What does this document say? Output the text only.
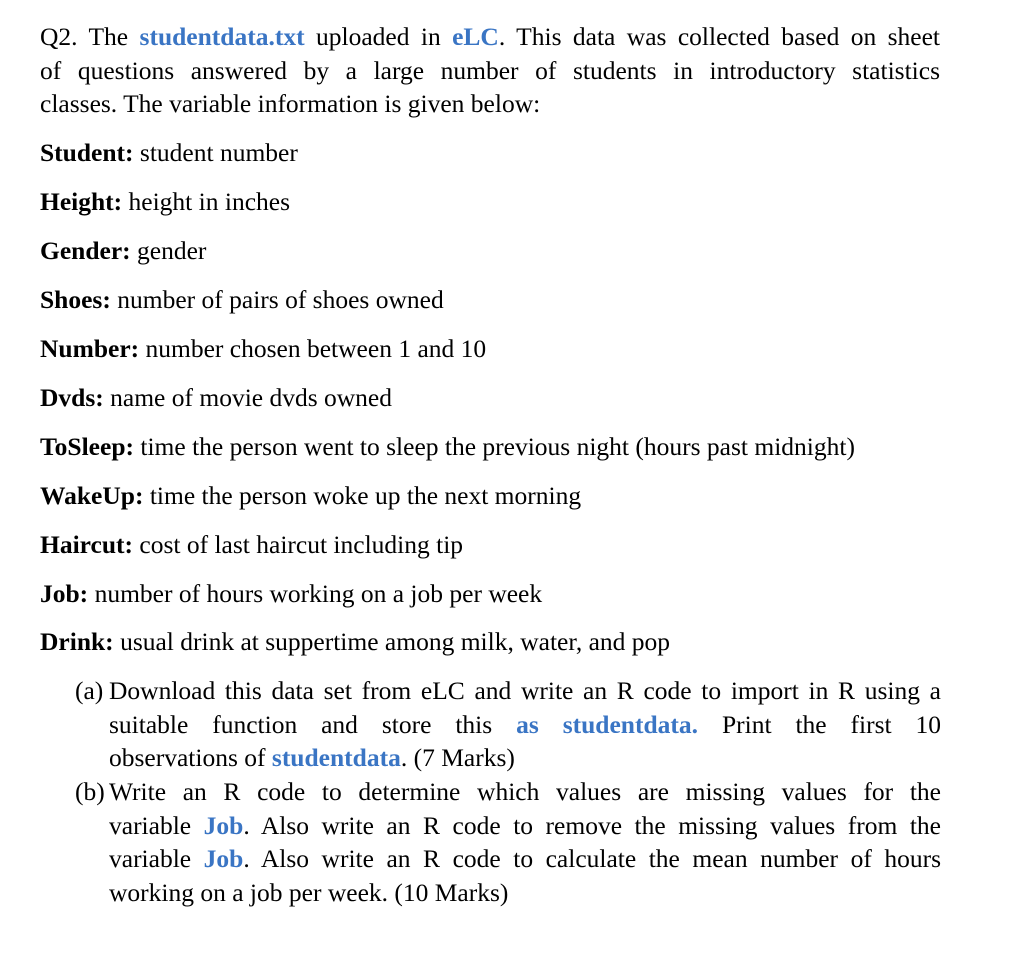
Q2. The studentdata.txt uploaded in eLC. This data was collected based on sheet
of questions answered by a large number of students in introductory statistics
classes. The variable information is given below:
Student: student number
Height: height in inches
Gender: gender
Shoes: number of pairs of shoes owned
Number: number chosen between 1 and 10
Dvds: name of movie dvds owned
ToSleep: time the person went to sleep the previous night (hours past midnight)
WakeUp: time the person woke up the next morning
Haircut: cost of last haircut including tip
Job: number of hours working on a job per week
Drink: usual drink at suppertime among milk, water, and pop
(a) Download this data set from eLC and write an R code to import in R using a
suitable function and store this as studentdata. Print the first 10
observations of studentdata. (7 Marks)
(b) Write an R code to determine which values are missing values for the
variable Job. Also write an R code to remove the missing values from the
variable Job. Also write an R code to calculate the mean number of hours
working on a job per week. (10 Marks)
